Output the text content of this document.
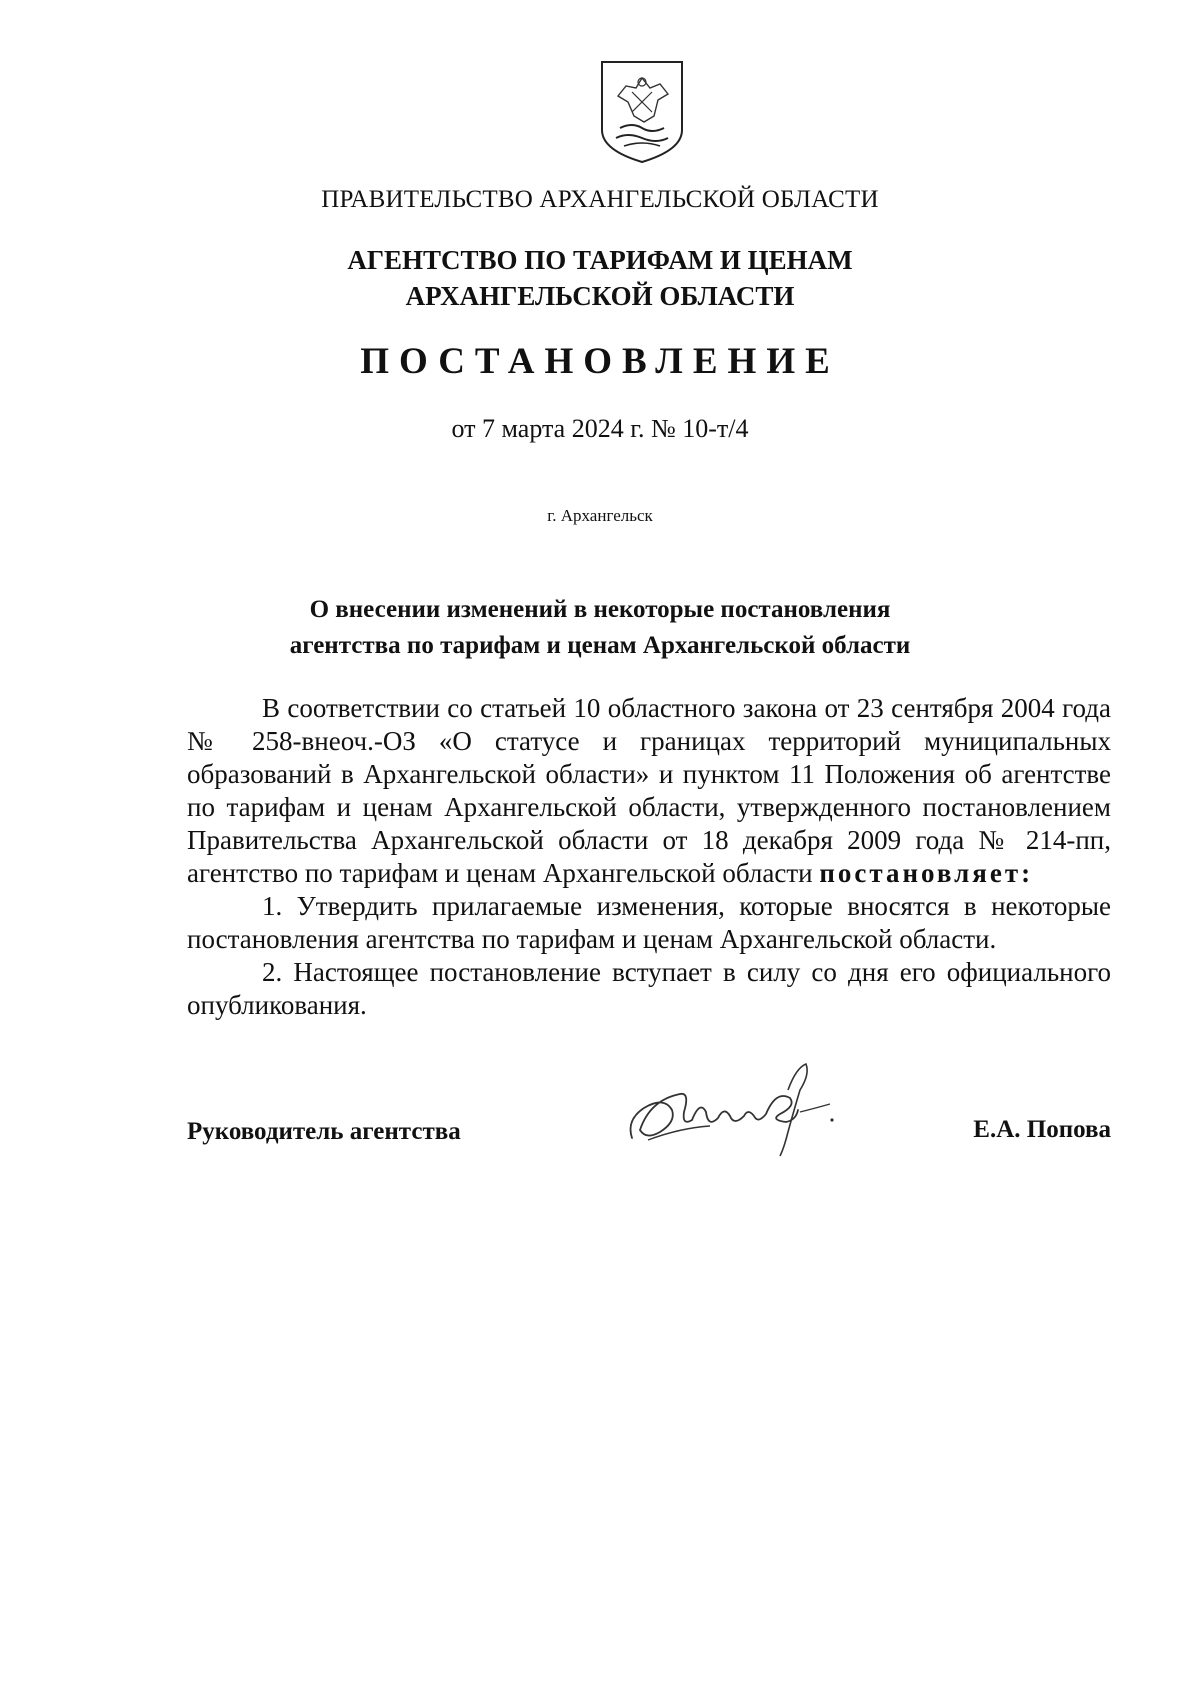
ПРАВИТЕЛЬСТВО АРХАНГЕЛЬСКОЙ ОБЛАСТИ
АГЕНТСТВО ПО ТАРИФАМ И ЦЕНАМ
АРХАНГЕЛЬСКОЙ ОБЛАСТИ
ПОСТАНОВЛЕНИЕ
от 7 марта 2024 г. № 10-т/4
г. Архангельск
О внесении изменений в некоторые постановления
агентства по тарифам и ценам Архангельской области

В соответствии со статьей 10 областного закона от 23 сентября 2004 года № 258-внеоч.-ОЗ «О статусе и границах территорий муниципальных образований в Архангельской области» и пунктом 11 Положения об агентстве по тарифам и ценам Архангельской области, утвержденного постановлением Правительства Архангельской области от 18 декабря 2009 года № 214-пп, агентство по тарифам и ценам Архангельской области постановляет:

1. Утвердить прилагаемые изменения, которые вносятся в некоторые постановления агентства по тарифам и ценам Архангельской области.

2. Настоящее постановление вступает в силу со дня его официального опубликования.

Руководитель агентства	Е.А. Попова
